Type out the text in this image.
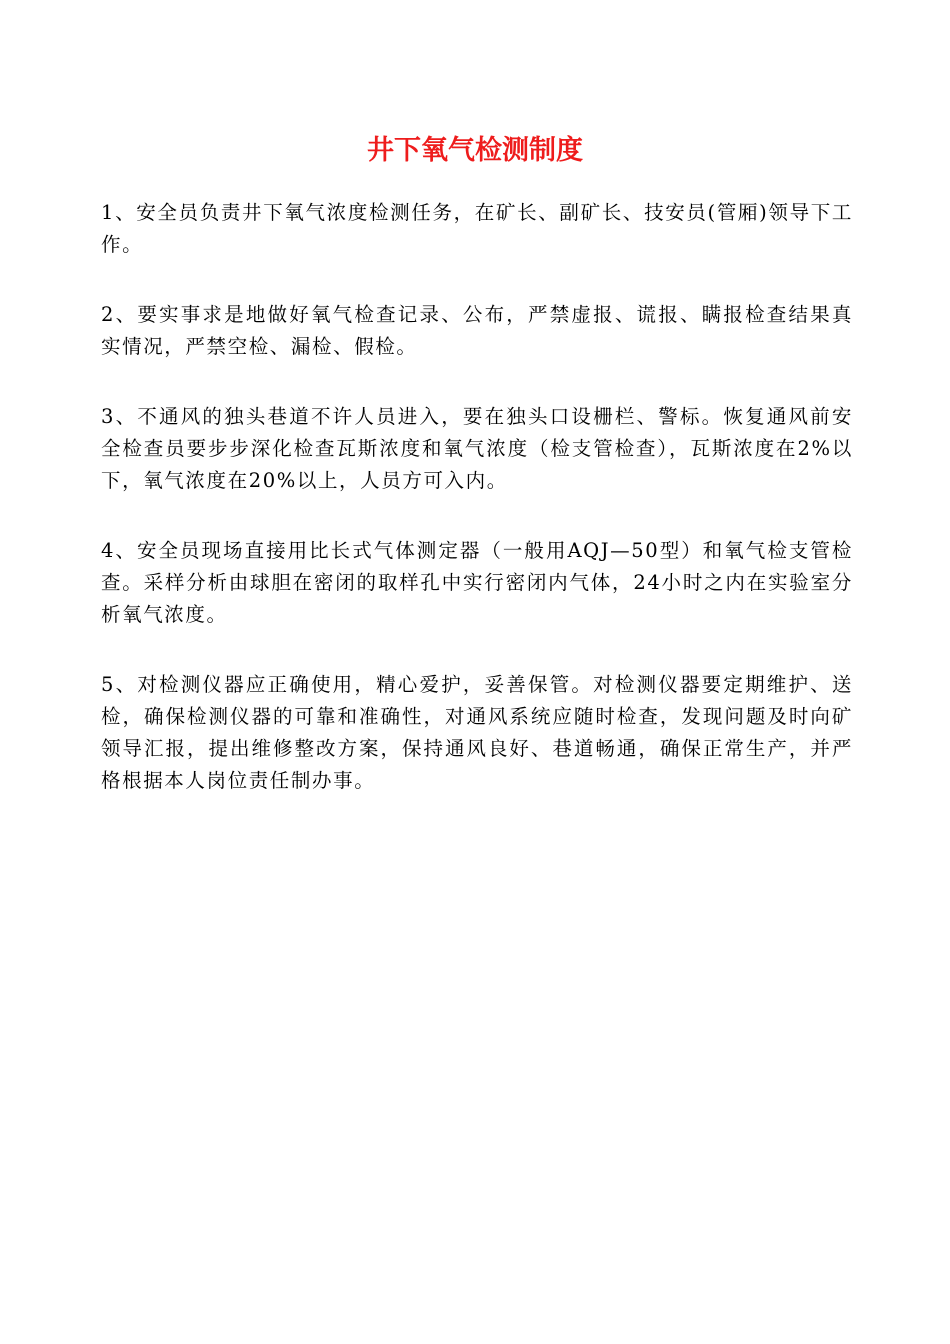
井下氧气检测制度

1、安全员负责井下氧气浓度检测任务，在矿长、副矿长、技安员(管厢)领导下工作。

2、要实事求是地做好氧气检查记录、公布，严禁虚报、谎报、瞒报检查结果真实情况，严禁空检、漏检、假检。

3、不通风的独头巷道不许人员进入，要在独头口设栅栏、警标。恢复通风前安全检查员要步步深化检查瓦斯浓度和氧气浓度（检支管检查），瓦斯浓度在2%以下，氧气浓度在20%以上，人员方可入内。

4、安全员现场直接用比长式气体测定器（一般用AQJ—50型）和氧气检支管检查。采样分析由球胆在密闭的取样孔中实行密闭内气体，24小时之内在实验室分析氧气浓度。

5、对检测仪器应正确使用，精心爱护，妥善保管。对检测仪器要定期维护、送检，确保检测仪器的可靠和准确性，对通风系统应随时检查，发现问题及时向矿领导汇报，提出维修整改方案，保持通风良好、巷道畅通，确保正常生产，并严格根据本人岗位责任制办事。
